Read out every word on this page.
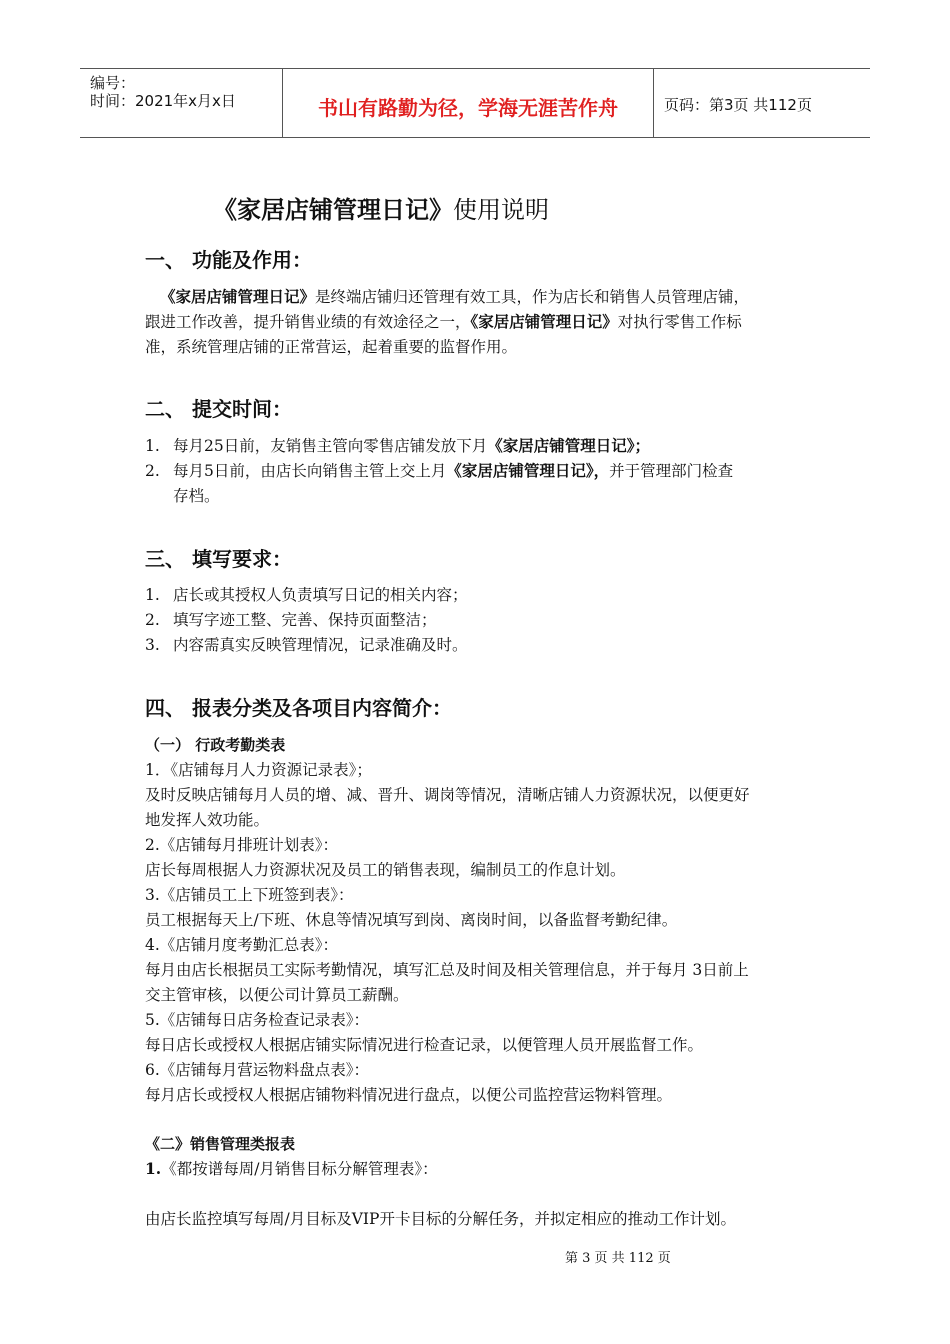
编号：
时间：2021年x月x日	书山有路勤为径，学海无涯苦作舟	页码：第3页 共112页
《家居店铺管理日记》使用说明
一、 功能及作用：
《家居店铺管理日记》是终端店铺归还管理有效工具，作为店长和销售人员管理店铺，
跟进工作改善，提升销售业绩的有效途径之一，《家居店铺管理日记》对执行零售工作标
准，系统管理店铺的正常营运，起着重要的监督作用。
二、 提交时间：
1. 每月25日前，友销售主管向零售店铺发放下月《家居店铺管理日记》；
2. 每月5日前，由店长向销售主管上交上月《家居店铺管理日记》，并于管理部门检查
存档。
三、 填写要求：
1. 店长或其授权人负责填写日记的相关内容；
2. 填写字迹工整、完善、保持页面整洁；
3. 内容需真实反映管理情况，记录准确及时。
四、 报表分类及各项目内容简介：
（一） 行政考勤类表
1．《店铺每月人力资源记录表》；
及时反映店铺每月人员的增、减、晋升、调岗等情况，清晰店铺人力资源状况，以便更好
地发挥人效功能。
2.《店铺每月排班计划表》：
店长每周根据人力资源状况及员工的销售表现，编制员工的作息计划。
3.《店铺员工上下班签到表》：
员工根据每天上/下班、休息等情况填写到岗、离岗时间，以备监督考勤纪律。
4.《店铺月度考勤汇总表》：
每月由店长根据员工实际考勤情况，填写汇总及时间及相关管理信息，并于每月 3日前上
交主管审核，以便公司计算员工薪酬。
5.《店铺每日店务检查记录表》：
每日店长或授权人根据店铺实际情况进行检查记录，以便管理人员开展监督工作。
6.《店铺每月营运物料盘点表》：
每月店长或授权人根据店铺物料情况进行盘点，以便公司监控营运物料管理。
《二》销售管理类报表
1.《都按谱每周/月销售目标分解管理表》：
由店长监控填写每周/月目标及VIP开卡目标的分解任务，并拟定相应的推动工作计划。
第 3 页 共 112 页
